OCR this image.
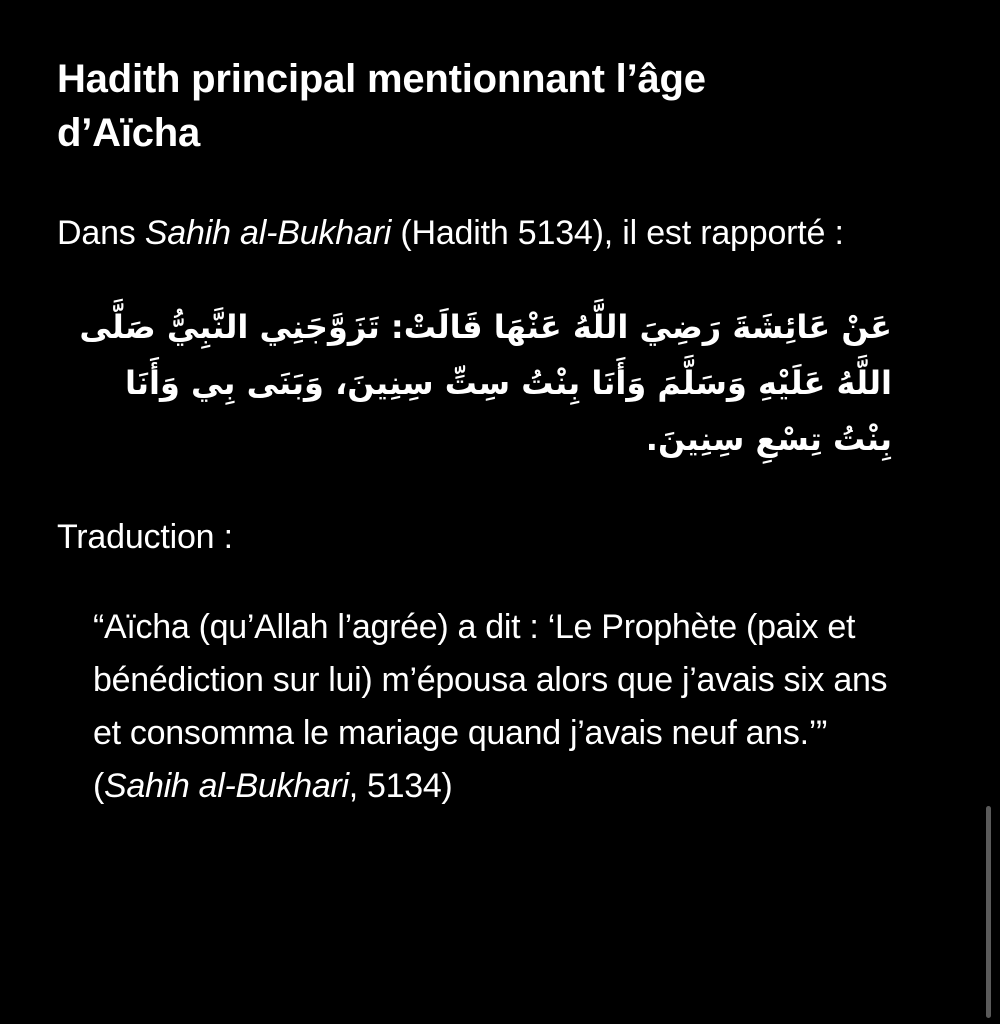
Hadith principal mentionnant l’âge d’Aïcha
Dans Sahih al-Bukhari (Hadith 5134), il est rapporté :
عَنْ عَائِشَةَ رَضِيَ اللَّهُ عَنْهَا قَالَتْ: تَزَوَّجَنِي النَّبِيُّ صَلَّى اللَّهُ عَلَيْهِ وَسَلَّمَ وَأَنَا بِنْتُ سِتِّ سِنِينَ، وَبَنَى بِي وَأَنَا بِنْتُ تِسْعِ سِنِينَ.
Traduction :
“Aïcha (qu’Allah l’agrée) a dit : ‘Le Prophète (paix et bénédiction sur lui) m’épousa alors que j’avais six ans et consomma le mariage quand j’avais neuf ans.’” (Sahih al-Bukhari, 5134)
